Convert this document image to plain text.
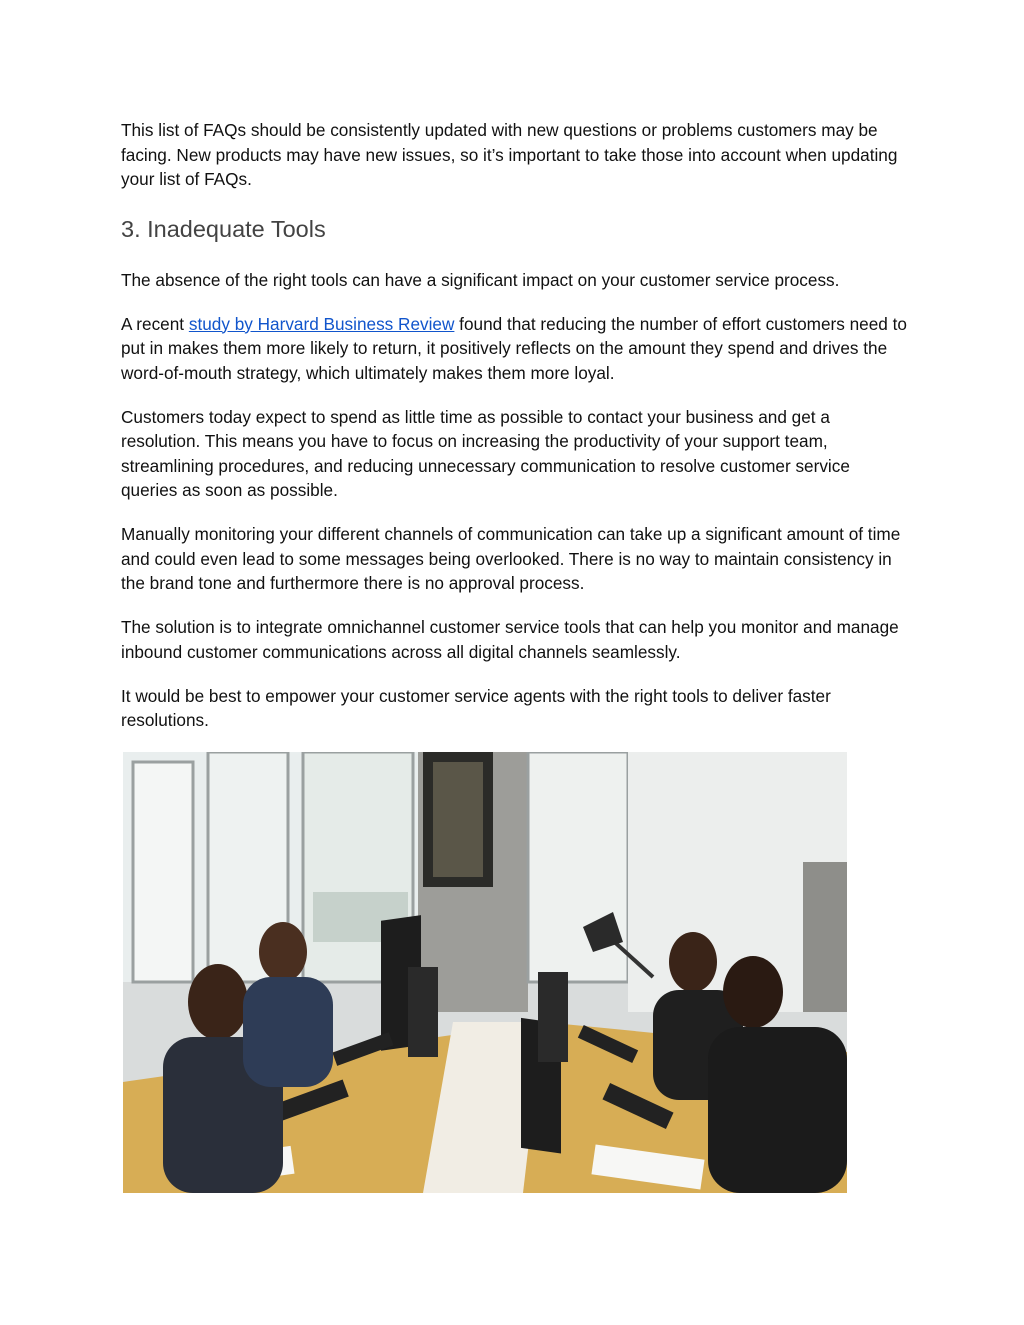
This list of FAQs should be consistently updated with new questions or problems customers may be facing. New products may have new issues, so it’s important to take those into account when updating your list of FAQs.

3. Inadequate Tools

The absence of the right tools can have a significant impact on your customer service process.

A recent study by Harvard Business Review found that reducing the number of effort customers need to put in makes them more likely to return, it positively reflects on the amount they spend and drives the word-of-mouth strategy, which ultimately makes them more loyal.

Customers today expect to spend as little time as possible to contact your business and get a resolution. This means you have to focus on increasing the productivity of your support team, streamlining procedures, and reducing unnecessary communication to resolve customer service queries as soon as possible.

Manually monitoring your different channels of communication can take up a significant amount of time and could even lead to some messages being overlooked. There is no way to maintain consistency in the brand tone and furthermore there is no approval process.

The solution is to integrate omnichannel customer service tools that can help you monitor and manage inbound customer communications across all digital channels seamlessly.

It would be best to empower your customer service agents with the right tools to deliver faster resolutions.
